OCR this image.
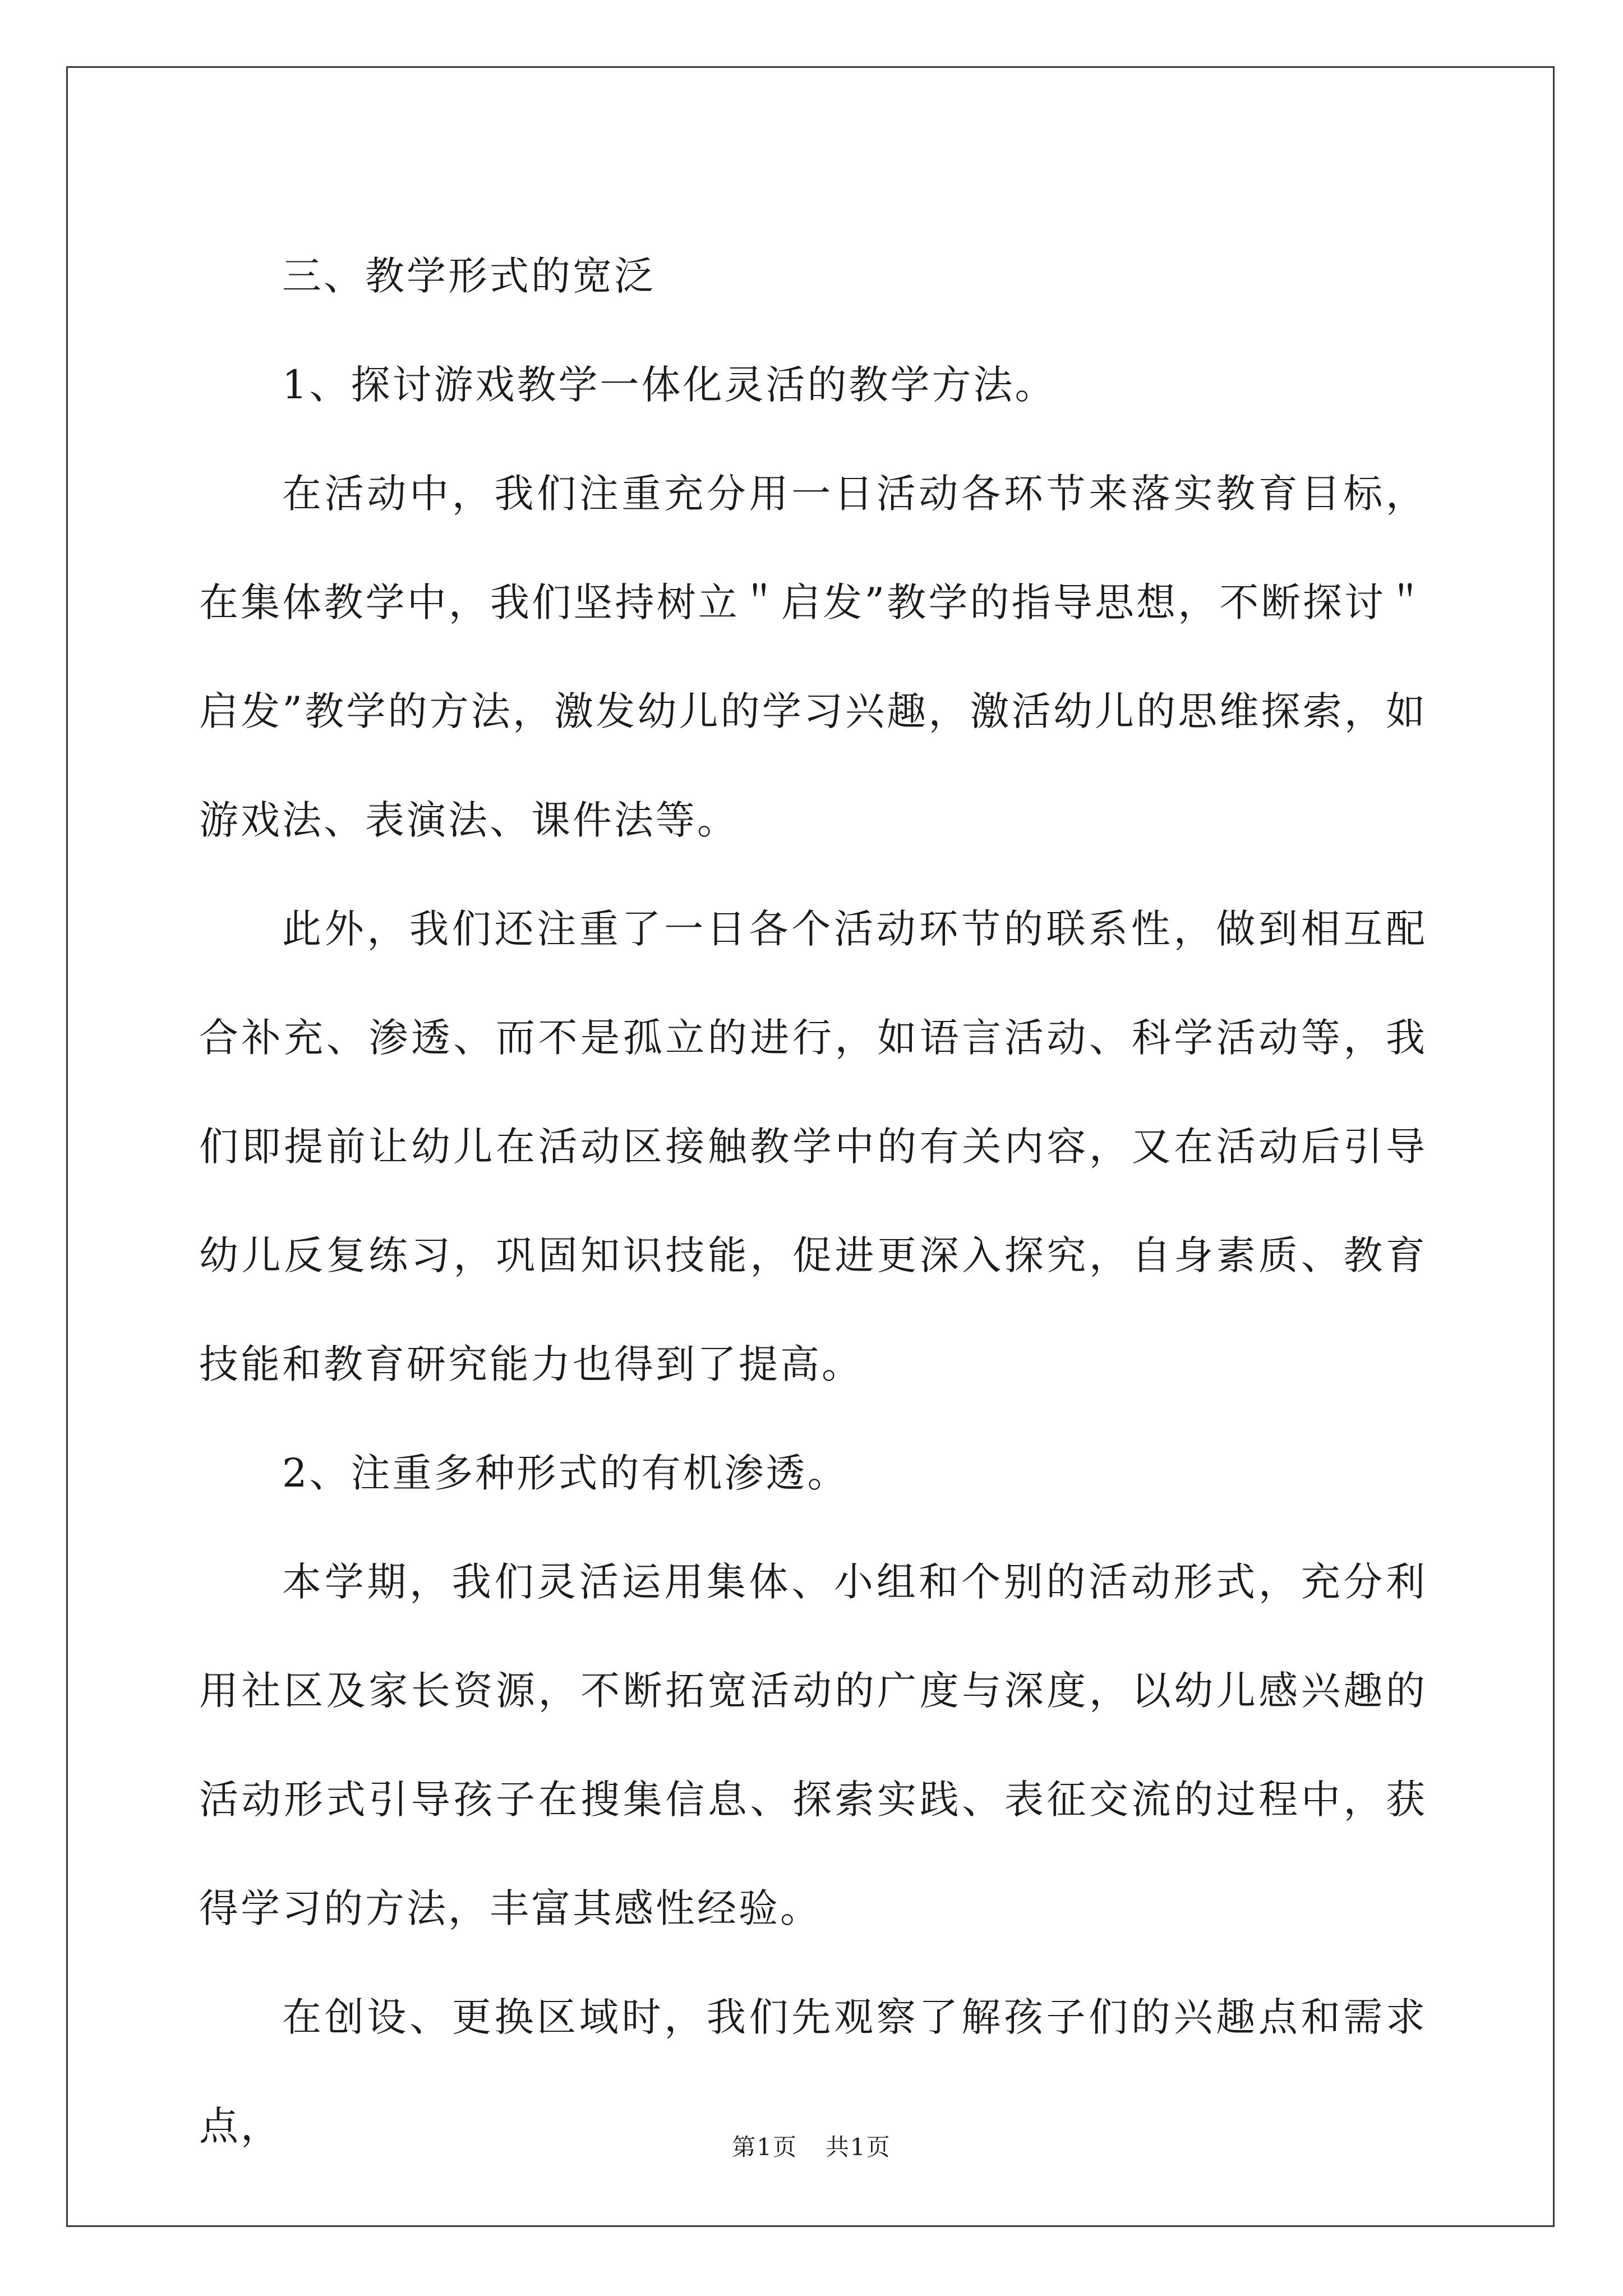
三、教学形式的宽泛

1、探讨游戏教学一体化灵活的教学方法。

在活动中，我们注重充分用一日活动各环节来落实教育目标，在集体教学中，我们坚持树立＂启发”教学的指导思想，不断探讨＂启发”教学的方法，激发幼儿的学习兴趣，激活幼儿的思维探索，如游戏法、表演法、课件法等。

此外，我们还注重了一日各个活动环节的联系性，做到相互配合补充、渗透、而不是孤立的进行，如语言活动、科学活动等，我们即提前让幼儿在活动区接触教学中的有关内容，又在活动后引导幼儿反复练习，巩固知识技能，促进更深入探究，自身素质、教育技能和教育研究能力也得到了提高。

2、注重多种形式的有机渗透。

本学期，我们灵活运用集体、小组和个别的活动形式，充分利用社区及家长资源，不断拓宽活动的广度与深度，以幼儿感兴趣的活动形式引导孩子在搜集信息、探索实践、表征交流的过程中，获得学习的方法，丰富其感性经验。

在创设、更换区域时，我们先观察了解孩子们的兴趣点和需求点，	第1页 共1页
